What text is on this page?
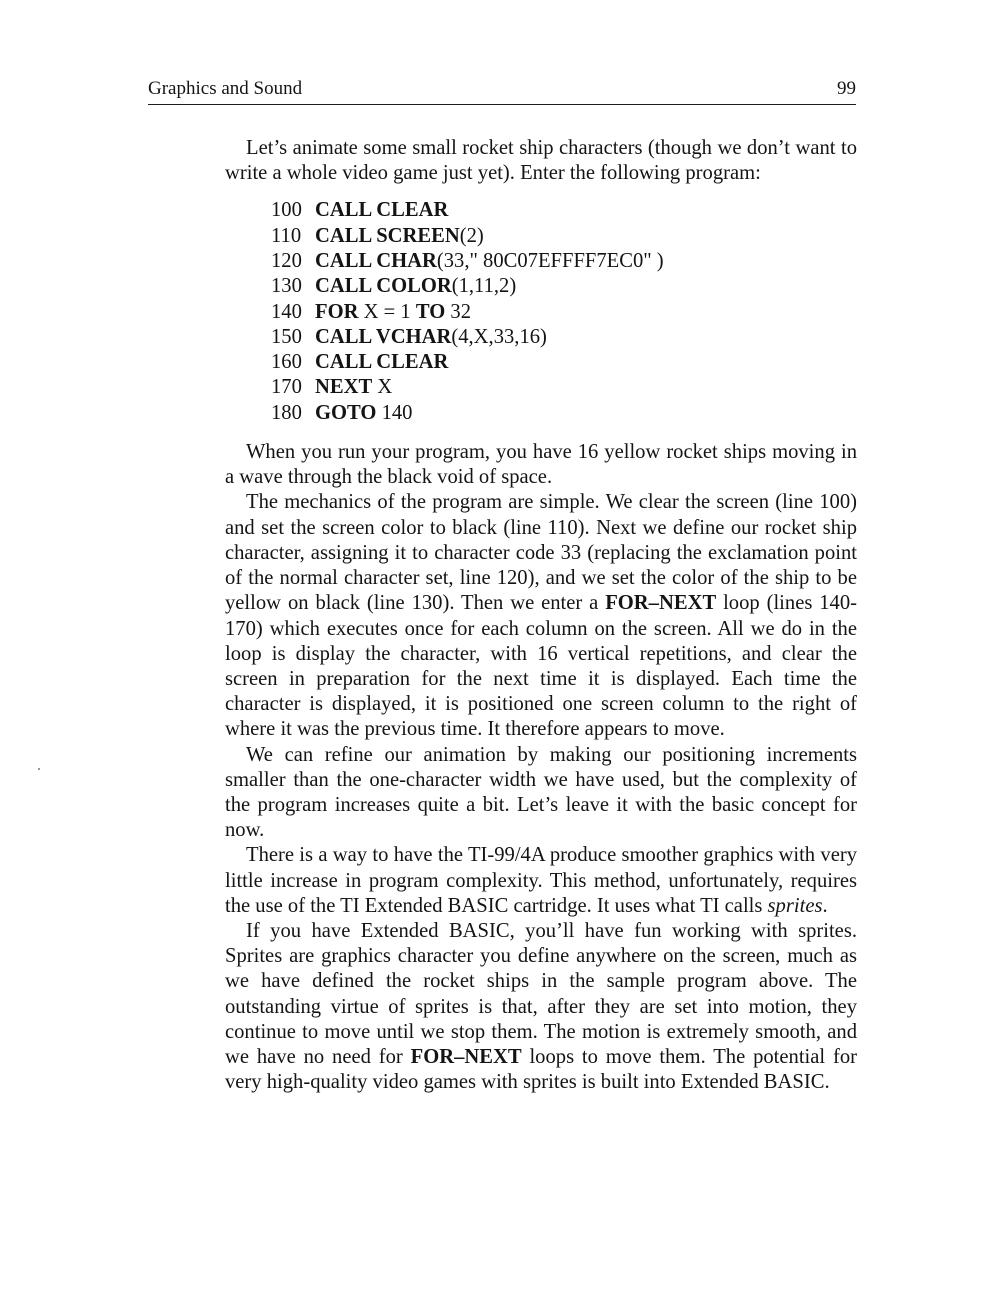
Graphics and Sound	99

Let’s animate some small rocket ship characters (though we don’t want to write a whole video game just yet). Enter the following program:

100 CALL CLEAR
110 CALL SCREEN(2)
120 CALL CHAR(33," 80C07EFFFF7EC0" )
130 CALL COLOR(1,11,2)
140 FOR X = 1 TO 32
150 CALL VCHAR(4,X,33,16)
160 CALL CLEAR
170 NEXT X
180 GOTO 140

When you run your program, you have 16 yellow rocket ships moving in a wave through the black void of space.

The mechanics of the program are simple. We clear the screen (line 100) and set the screen color to black (line 110). Next we define our rocket ship character, assigning it to character code 33 (replacing the exclamation point of the normal character set, line 120), and we set the color of the ship to be yellow on black (line 130). Then we enter a FOR–NEXT loop (lines 140-170) which executes once for each column on the screen. All we do in the loop is display the character, with 16 vertical repetitions, and clear the screen in preparation for the next time it is displayed. Each time the character is displayed, it is positioned one screen column to the right of where it was the previous time. It therefore appears to move.

We can refine our animation by making our positioning increments smaller than the one-character width we have used, but the complexity of the program increases quite a bit. Let’s leave it with the basic concept for now.

There is a way to have the TI-99/4A produce smoother graphics with very little increase in program complexity. This method, unfortunately, requires the use of the TI Extended BASIC cartridge. It uses what TI calls sprites.

If you have Extended BASIC, you’ll have fun working with sprites. Sprites are graphics character you define anywhere on the screen, much as we have defined the rocket ships in the sample program above. The outstanding virtue of sprites is that, after they are set into motion, they continue to move until we stop them. The motion is extremely smooth, and we have no need for FOR–NEXT loops to move them. The potential for very high-quality video games with sprites is built into Extended BASIC.
